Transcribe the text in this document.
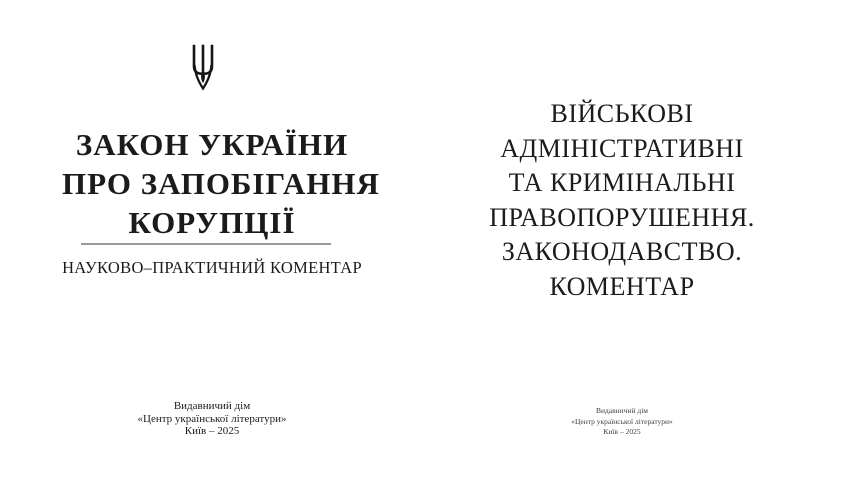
ЗАКОН УКРАЇНИ
ПРО ЗАПОБІГАННЯ
КОРУПЦІЇ
НАУКОВО–ПРАКТИЧНИЙ КОМЕНТАР
Видавничий дім
«Центр української літератури»
Київ – 2025
ВІЙСЬКОВІ
АДМІНІСТРАТИВНІ
ТА КРИМІНАЛЬНІ
ПРАВОПОРУШЕННЯ.
ЗАКОНОДАВСТВО.
КОМЕНТАР
Видавничий дім
«Центр української літератури»
Київ – 2025
